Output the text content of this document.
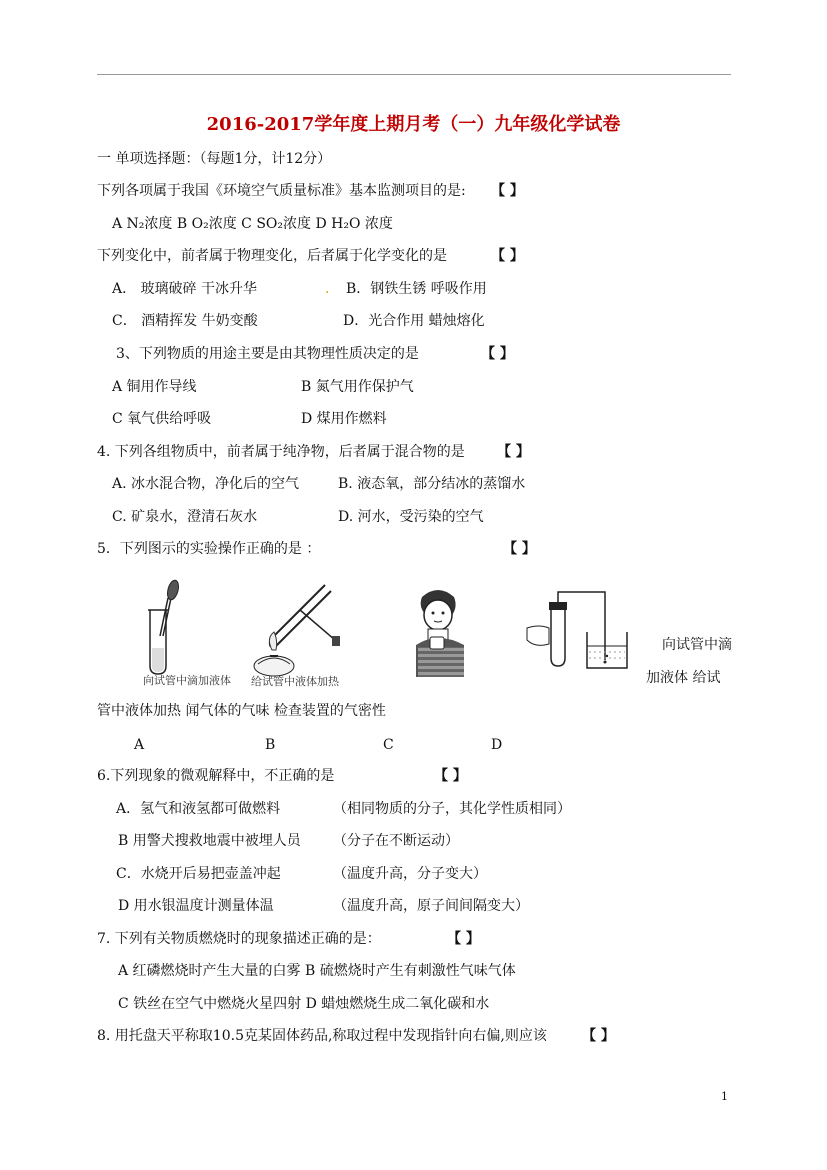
2016-2017学年度上期月考（一）九年级化学试卷
一 单项选择题：（每题1分，计12分）
下列各项属于我国《环境空气质量标准》基本监测项目的是: 【 】
A N₂浓度 B O₂浓度 C SO₂浓度 D H₂O 浓度
下列变化中，前者属于物理变化，后者属于化学变化的是	【 】
A． 玻璃破碎 干冰升华	. B．钢铁生锈 呼吸作用
C． 酒精挥发 牛奶变酸	D．光合作用 蜡烛熔化
3、下列物质的用途主要是由其物理性质决定的是	【 】
A 铜用作导线	B 氮气用作保护气
C 氧气供给呼吸	D 煤用作燃料
4. 下列各组物质中，前者属于纯净物，后者属于混合物的是 【 】
A. 冰水混合物，净化后的空气	B. 液态氧，部分结冰的蒸馏水
C. 矿泉水，澄清石灰水	D. 河水，受污染的空气
5．下列图示的实验操作正确的是 ：	【 】
向试管中滴加液体 给试管中液体加热
向试管中滴
加液体 给试
管中液体加热 闻气体的气味 检查装置的气密性
A	B	C	D
6.下列现象的微观解释中，不正确的是	【 】
A．氢气和液氢都可做燃料	（相同物质的分子，其化学性质相同）
B 用警犬搜救地震中被埋人员 （分子在不断运动）
C．水烧开后易把壶盖冲起	（温度升高，分子变大）
D 用水银温度计测量体温	（温度升高，原子间间隔变大）
7. 下列有关物质燃烧时的现象描述正确的是：	【 】
A 红磷燃烧时产生大量的白雾 B 硫燃烧时产生有刺激性气味气体
C 铁丝在空气中燃烧火星四射 D 蜡烛燃烧生成二氧化碳和水
8. 用托盘天平称取10.5克某固体药品,称取过程中发现指针向右偏,则应该	【 】
1
